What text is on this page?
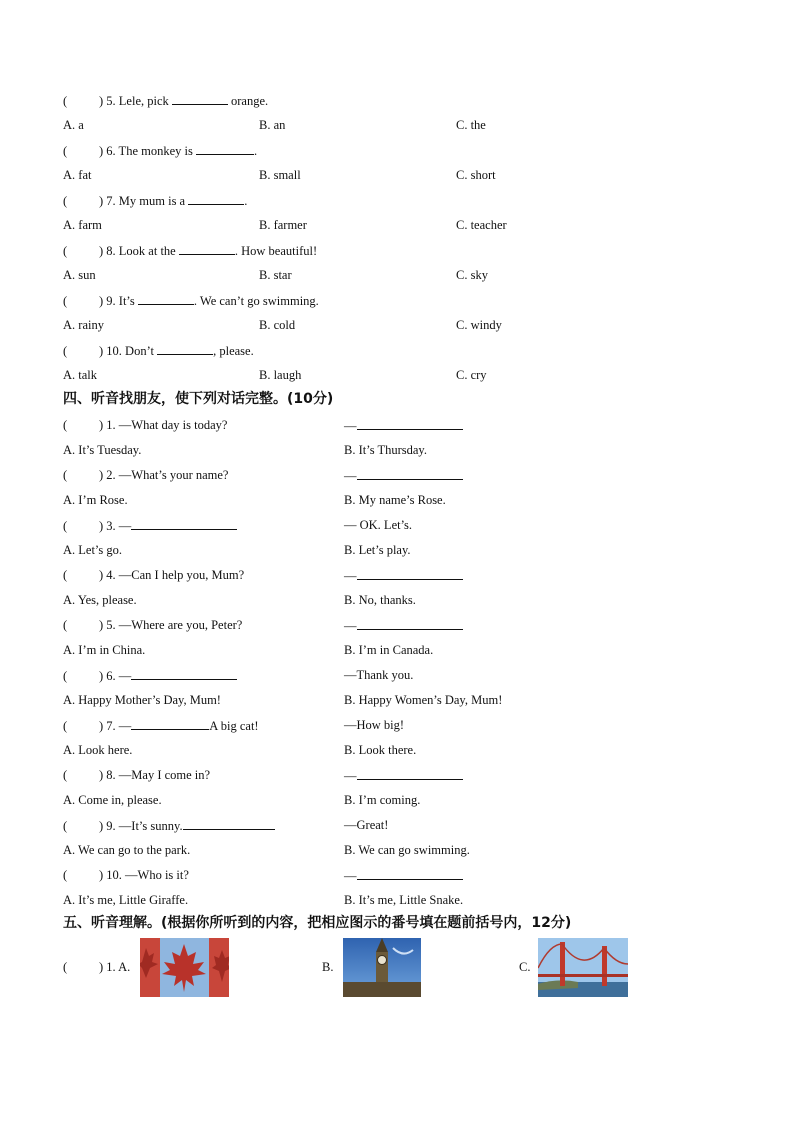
(	) 5. Lele, pick	orange.
A. a	B. an	C. the
(	) 6. The monkey is	.
A. fat	B. small	C. short
(	) 7. My mum is a	.
A. farm	B. farmer	C. teacher
(	) 8. Look at the	. How beautiful!
A. sun	B. star	C. sky
(	) 9. It’s	. We can’t go swimming.
A. rainy	B. cold	C. windy
(	) 10. Don’t	, please.
A. talk	B. laugh	C. cry
四、听音找朋友，使下列对话完整。(10分)
(	) 1. —What day is today?	—
A. It’s Tuesday.	B. It’s Thursday.
(	) 2. —What’s your name?	—
A. I’m Rose.	B. My name’s Rose.
(	) 3. —	— OK. Let’s.
A. Let’s go.	B. Let’s play.
(	) 4. —Can I help you, Mum?	—
A. Yes, please.	B. No, thanks.
(	) 5. —Where are you, Peter?	—
A. I’m in China.	B. I’m in Canada.
(	) 6. —	—Thank you.
A. Happy Mother’s Day, Mum!	B. Happy Women’s Day, Mum!
(	) 7. —	A big cat!	—How big!
A. Look here.	B. Look there.
(	) 8. —May I come in?	—
A. Come in, please.	B. I’m coming.
(	) 9. —It’s sunny.	—Great!
A. We can go to the park.	B. We can go swimming.
(	) 10. —Who is it?	—
A. It’s me, Little Giraffe.	B. It’s me, Little Snake.
五、听音理解。(根据你所听到的内容，把相应图示的番号填在题前括号内，12分)
(	) 1. A.	B.	C.
